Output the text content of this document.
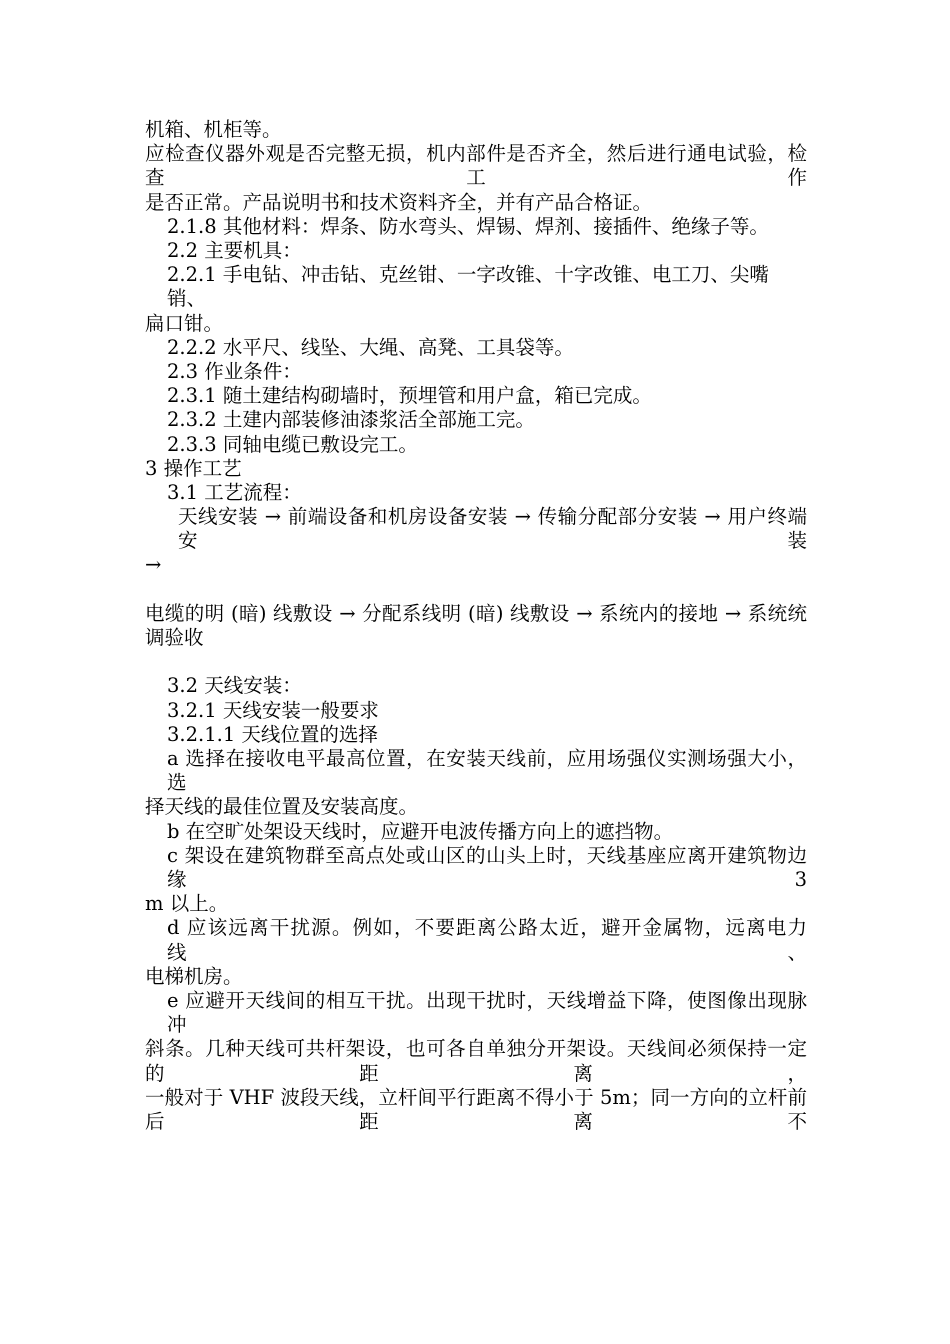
机箱、机柜等。
应检查仪器外观是否完整无损，机内部件是否齐全，然后进行通电试验，检查工作
是否正常。产品说明书和技术资料齐全，并有产品合格证。
2.1.8 其他材料：焊条、防水弯头、焊锡、焊剂、接插件、绝缘子等。
2.2 主要机具：
2.2.1 手电钻、冲击钻、克丝钳、一字改锥、十字改锥、电工刀、尖嘴销、
扁口钳。
2.2.2 水平尺、线坠、大绳、高凳、工具袋等。
2.3 作业条件：
2.3.1 随土建结构砌墙时，预埋管和用户盒，箱已完成。
2.3.2 土建内部装修油漆浆活全部施工完。
2.3.3 同轴电缆已敷设完工。
3 操作工艺
3.1 工艺流程：
天线安装 → 前端设备和机房设备安装 → 传输分配部分安装 → 用户终端安装
→
电缆的明 (暗) 线敷设 → 分配系线明 (暗) 线敷设 → 系统内的接地 → 系统统
调验收
3.2 天线安装：
3.2.1 天线安装一般要求
3.2.1.1 天线位置的选择
a 选择在接收电平最高位置，在安装天线前，应用场强仪实测场强大小，选
择天线的最佳位置及安装高度。
b 在空旷处架设天线时，应避开电波传播方向上的遮挡物。
c 架设在建筑物群至高点处或山区的山头上时，天线基座应离开建筑物边缘 3
m 以上。
d 应该远离干扰源。例如，不要距离公路太近，避开金属物，远离电力线、
电梯机房。
e 应避开天线间的相互干扰。出现干扰时，天线增益下降，使图像出现脉冲
斜条。几种天线可共杆架设，也可各自单独分开架设。天线间必须保持一定的距离，
一般对于 VHF 波段天线，立杆间平行距离不得小于 5m；同一方向的立杆前后距离不
